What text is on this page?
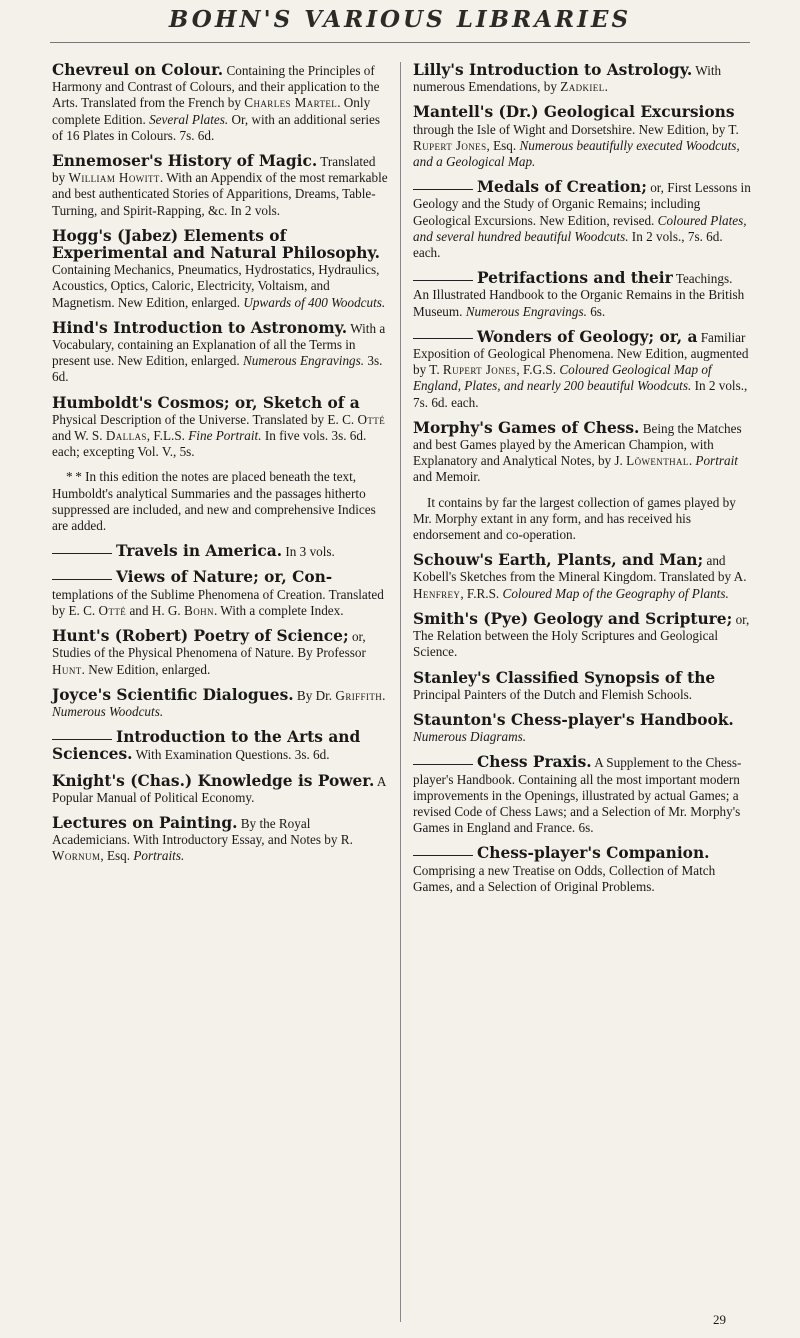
BOHN'S VARIOUS LIBRARIES

Chevreul on Colour. Containing the Principles of Harmony and Contrast of Colours, and their application to the Arts. Translated from the French by Charles Martel. Only complete Edition. Several Plates. Or, with an additional series of 16 Plates in Colours. 7s. 6d.

Ennemoser's History of Magic. Translated by William Howitt. With an Appendix of the most remarkable and best authenticated Stories of Apparitions, Dreams, Table-Turning, and Spirit-Rapping, &c. In 2 vols.

Hogg's (Jabez) Elements of Experimental and Natural Philosophy. Containing Mechanics, Pneumatics, Hydrostatics, Hydraulics, Acoustics, Optics, Caloric, Electricity, Voltaism, and Magnetism. New Edition, enlarged. Upwards of 400 Woodcuts.

Hind's Introduction to Astronomy. With a Vocabulary, containing an Explanation of all the Terms in present use. New Edition, enlarged. Numerous Engravings. 3s. 6d.

Humboldt's Cosmos; or, Sketch of a Physical Description of the Universe. Translated by E. C. Otté and W. S. Dallas, F.L.S. Fine Portrait. In five vols. 3s. 6d. each; excepting Vol. V., 5s.

* * In this edition the notes are placed beneath the text, Humboldt's analytical Summaries and the passages hitherto suppressed are included, and new and comprehensive Indices are added.

Travels in America. In 3 vols.

Views of Nature; or, Con- templations of the Sublime Phenomena of Creation. Translated by E. C. Otté and H. G. Bohn. With a complete Index.

Hunt's (Robert) Poetry of Science; or, Studies of the Physical Phenomena of Nature. By Professor Hunt. New Edition, enlarged.

Joyce's Scientific Dialogues. By Dr. Griffith. Numerous Woodcuts.

Introduction to the Arts and Sciences. With Examination Questions. 3s. 6d.

Knight's (Chas.) Knowledge is Power. A Popular Manual of Political Economy.

Lectures on Painting. By the Royal Academicians. With Introductory Essay, and Notes by R. Wornum, Esq. Portraits.

Lilly's Introduction to Astrology. With numerous Emendations, by Zadkiel.

Mantell's (Dr.) Geological Excursions through the Isle of Wight and Dorsetshire. New Edition, by T. Rupert Jones, Esq. Numerous beautifully executed Woodcuts, and a Geological Map.

Medals of Creation; or, First Lessons in Geology and the Study of Organic Remains; including Geological Excursions. New Edition, revised. Coloured Plates, and several hundred beautiful Woodcuts. In 2 vols., 7s. 6d. each.

Petrifactions and their Teachings. An Illustrated Handbook to the Organic Remains in the British Museum. Numerous Engravings. 6s.

Wonders of Geology; or, a Familiar Exposition of Geological Phenomena. New Edition, augmented by T. Rupert Jones, F.G.S. Coloured Geological Map of England, Plates, and nearly 200 beautiful Woodcuts. In 2 vols., 7s. 6d. each.

Morphy's Games of Chess. Being the Matches and best Games played by the American Champion, with Explanatory and Analytical Notes, by J. Löwenthal. Portrait and Memoir.

It contains by far the largest collection of games played by Mr. Morphy extant in any form, and has received his endorsement and co-operation.

Schouw's Earth, Plants, and Man; and Kobell's Sketches from the Mineral Kingdom. Translated by A. Henfrey, F.R.S. Coloured Map of the Geography of Plants.

Smith's (Pye) Geology and Scripture; or, The Relation between the Holy Scriptures and Geological Science.

Stanley's Classified Synopsis of the Principal Painters of the Dutch and Flemish Schools.

Staunton's Chess-player's Handbook. Numerous Diagrams.

Chess Praxis. A Supplement to the Chess-player's Handbook. Containing all the most important modern improvements in the Openings, illustrated by actual Games; a revised Code of Chess Laws; and a Selection of Mr. Morphy's Games in England and France. 6s.

Chess-player's Companion. Comprising a new Treatise on Odds, Collection of Match Games, and a Selection of Original Problems.

29
